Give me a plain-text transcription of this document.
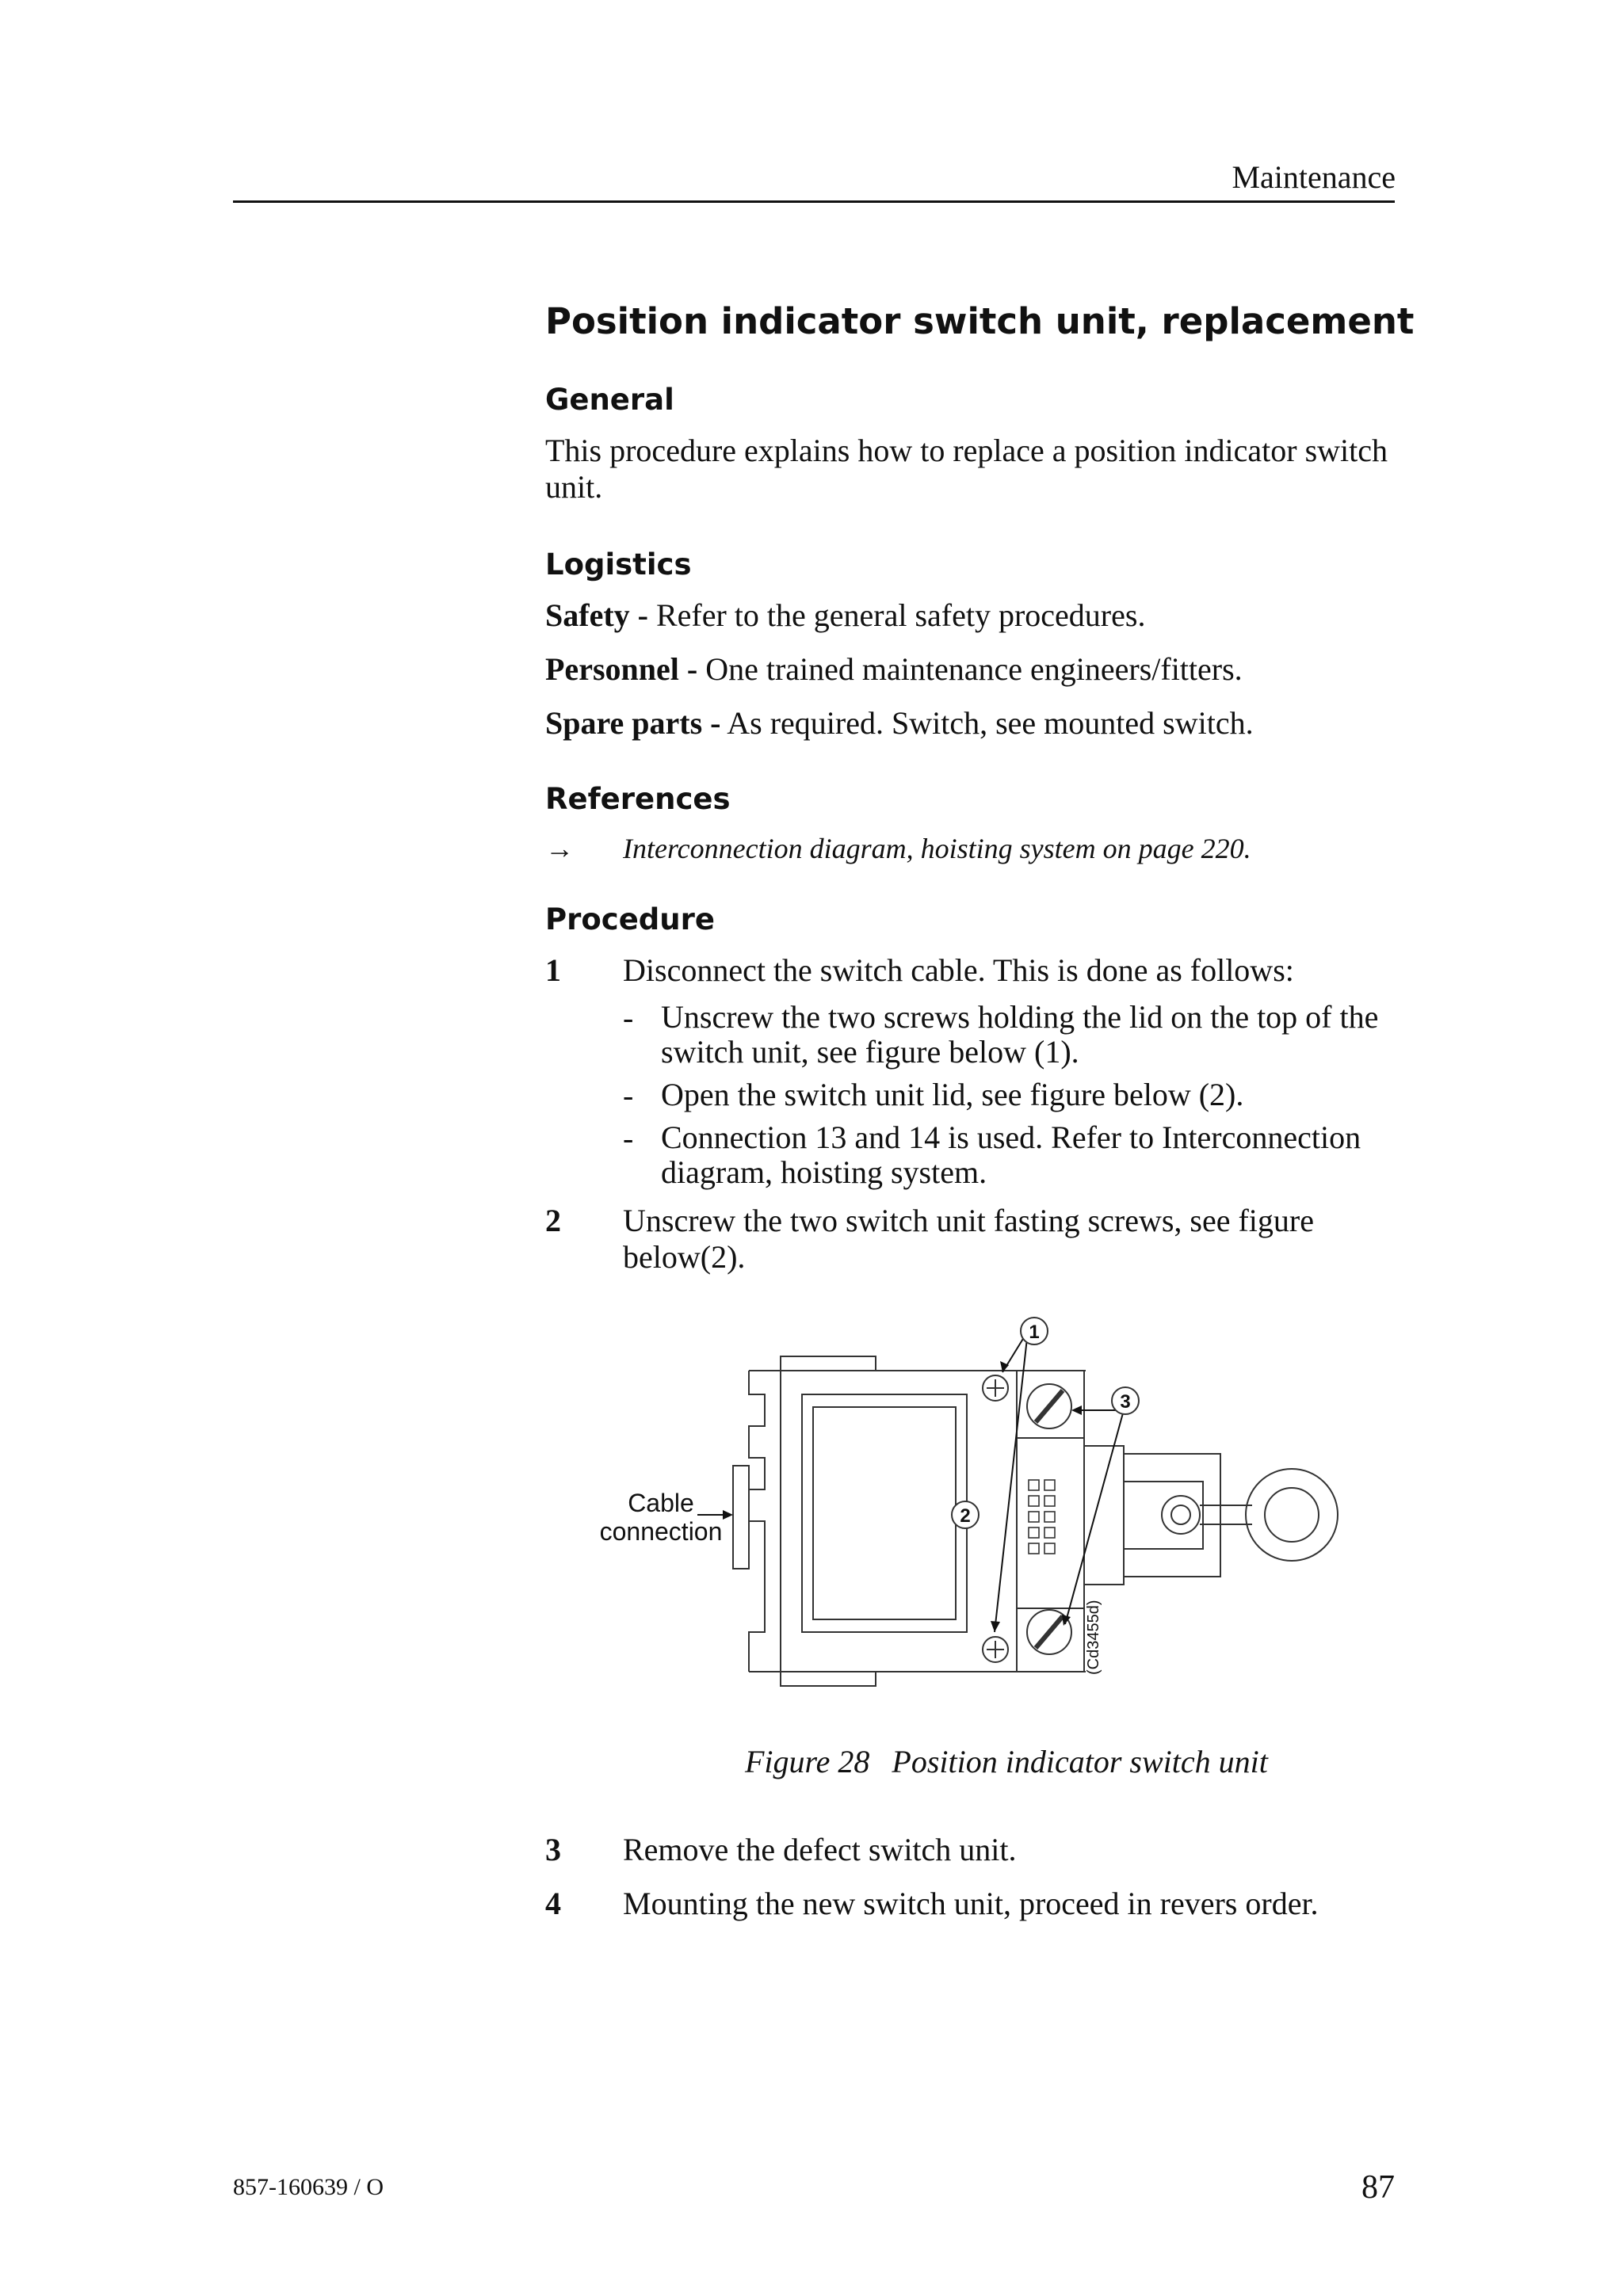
Maintenance
Position indicator switch unit, replacement
General
This procedure explains how to replace a position indicator switch unit.
Logistics
Safety - Refer to the general safety procedures.
Personnel - One trained maintenance engineers/fitters.
Spare parts - As required. Switch, see mounted switch.
References
→ Interconnection diagram, hoisting system on page 220.
Procedure
1 Disconnect the switch cable. This is done as follows:
- Unscrew the two screws holding the lid on the top of the switch unit, see figure below (1).
- Open the switch unit lid, see figure below (2).
- Connection 13 and 14 is used. Refer to Interconnection diagram, hoisting system.
2 Unscrew the two switch unit fasting screws, see figure below(2).
1
2
3
Cable
connection
(Cd3455d)
Figure 28 Position indicator switch unit
3 Remove the defect switch unit.
4 Mounting the new switch unit, proceed in revers order.
857-160639 / O	87
